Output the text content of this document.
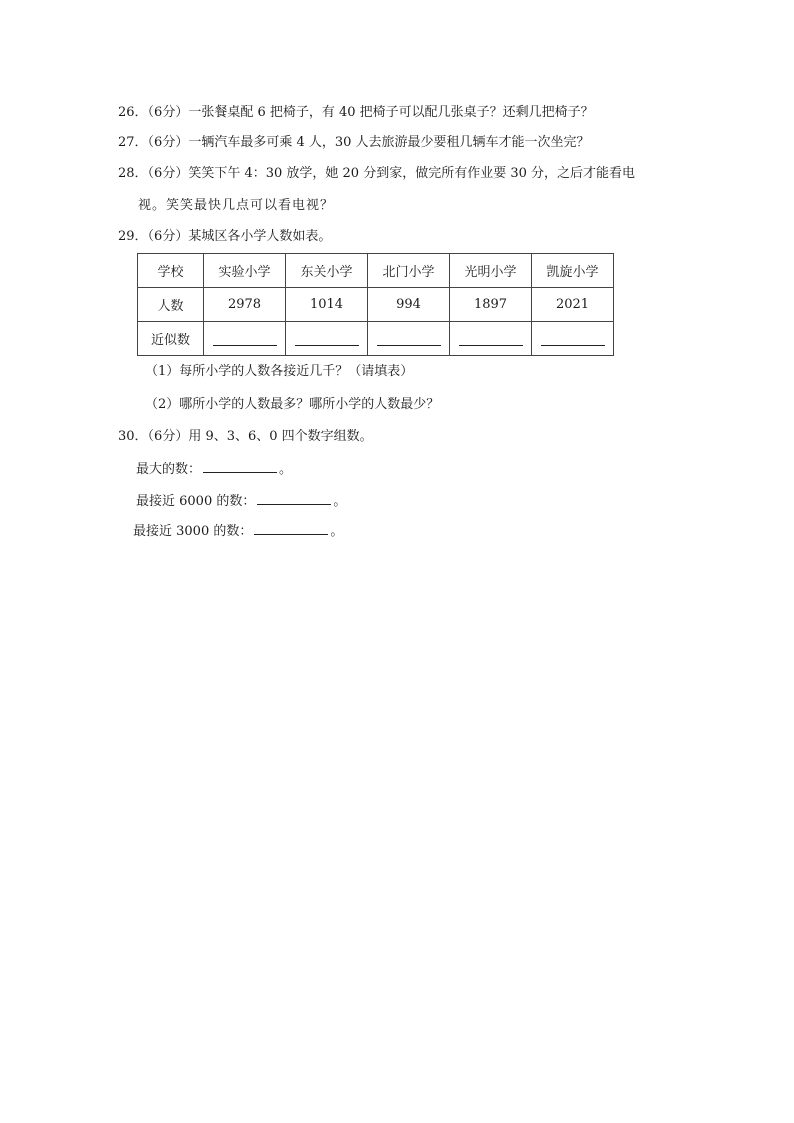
26．（6分）一张餐桌配 6 把椅子，有 40 把椅子可以配几张桌子？还剩几把椅子？
27．（6分）一辆汽车最多可乘 4 人，30 人去旅游最少要租几辆车才能一次坐完？
28．（6分）笑笑下午 4：30 放学，她 20 分到家，做完所有作业要 30 分，之后才能看电
视。笑笑最快几点可以看电视？
29．（6分）某城区各小学人数如表。
学校	实验小学	东关小学	北门小学	光明小学	凯旋小学
人数	2978	1014	994	1897	2021
近似数					
（1）每所小学的人数各接近几千？（请填表）
（2）哪所小学的人数最多？哪所小学的人数最少？
30．（6分）用 9、3、6、0 四个数字组数。
最大的数：	。
最接近 6000 的数：	。
最接近 3000 的数：	。
